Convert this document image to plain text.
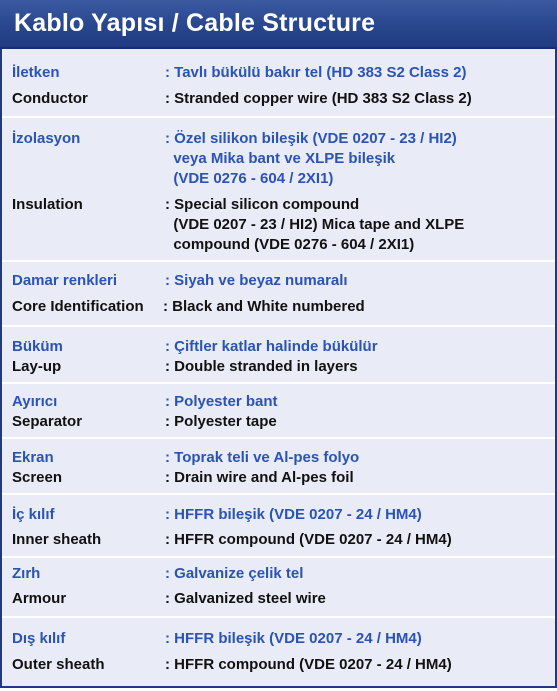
Kablo Yapısı / Cable Structure
İletken	: Tavlı bükülü bakır tel (HD 383 S2 Class 2)
Conductor	: Stranded copper wire (HD 383 S2 Class 2)
İzolasyon	: Özel silikon bileşik (VDE 0207 - 23 / HI2)
veya Mika bant ve XLPE bileşik
(VDE 0276 - 604 / 2XI1)
Insulation	: Special silicon compound
(VDE 0207 - 23 / HI2) Mica tape and XLPE
compound (VDE 0276 - 604 / 2XI1)
Damar renkleri	: Siyah ve beyaz numaralı
Core Identification : Black and White numbered
Büküm	: Çiftler katlar halinde bükülür
Lay-up	: Double stranded in layers
Ayırıcı	: Polyester bant
Separator	: Polyester tape
Ekran	: Toprak teli ve Al-pes folyo
Screen	: Drain wire and Al-pes foil
İç kılıf	: HFFR bileşik (VDE 0207 - 24 / HM4)
Inner sheath	: HFFR compound (VDE 0207 - 24 / HM4)
Zırh	: Galvanize çelik tel
Armour	: Galvanized steel wire
Dış kılıf	: HFFR bileşik (VDE 0207 - 24 / HM4)
Outer sheath	: HFFR compound (VDE 0207 - 24 / HM4)
